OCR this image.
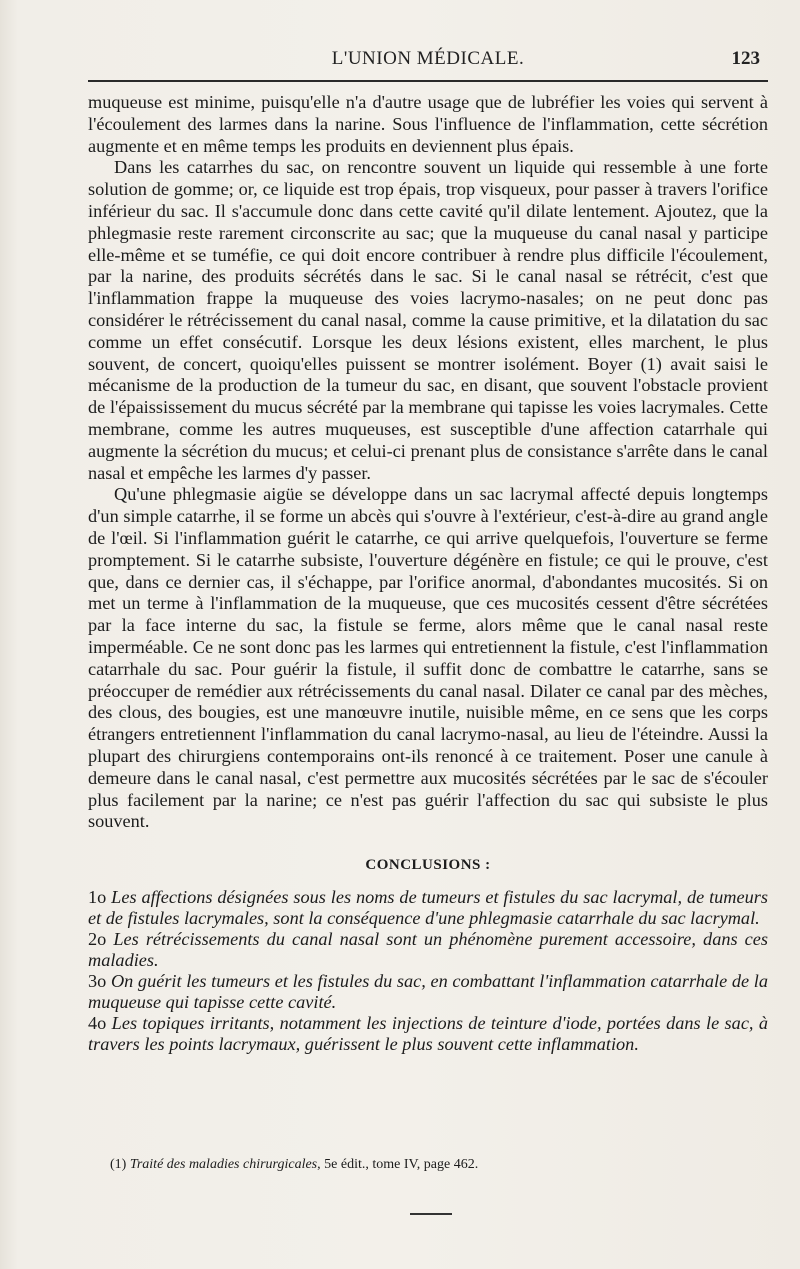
L'UNION MÉDICALE.	123

muqueuse est minime, puisqu'elle n'a d'autre usage que de lubréfier les voies qui servent à l'écoulement des larmes dans la narine. Sous l'influence de l'inflammation, cette sécrétion augmente et en même temps les produits en deviennent plus épais.

Dans les catarrhes du sac, on rencontre souvent un liquide qui ressemble à une forte solution de gomme; or, ce liquide est trop épais, trop visqueux, pour passer à travers l'orifice inférieur du sac. Il s'accumule donc dans cette cavité qu'il dilate lentement. Ajoutez, que la phlegmasie reste rarement circonscrite au sac; que la muqueuse du canal nasal y participe elle-même et se tuméfie, ce qui doit encore contribuer à rendre plus difficile l'écoulement, par la narine, des produits sécrétés dans le sac. Si le canal nasal se rétrécit, c'est que l'inflammation frappe la muqueuse des voies lacrymo-nasales; on ne peut donc pas considérer le rétrécissement du canal nasal, comme la cause primitive, et la dilatation du sac comme un effet consécutif. Lorsque les deux lésions existent, elles marchent, le plus souvent, de concert, quoiqu'elles puissent se montrer isolément. Boyer (1) avait saisi le mécanisme de la production de la tumeur du sac, en disant, que souvent l'obstacle provient de l'épaississement du mucus sécrété par la membrane qui tapisse les voies lacrymales. Cette membrane, comme les autres muqueuses, est susceptible d'une affection catarrhale qui augmente la sécrétion du mucus; et celui-ci prenant plus de consistance s'arrête dans le canal nasal et empêche les larmes d'y passer.

Qu'une phlegmasie aigüe se développe dans un sac lacrymal affecté depuis longtemps d'un simple catarrhe, il se forme un abcès qui s'ouvre à l'extérieur, c'est-à-dire au grand angle de l'œil. Si l'inflammation guérit le catarrhe, ce qui arrive quelquefois, l'ouverture se ferme promptement. Si le catarrhe subsiste, l'ouverture dégénère en fistule; ce qui le prouve, c'est que, dans ce dernier cas, il s'échappe, par l'orifice anormal, d'abondantes mucosités. Si on met un terme à l'inflammation de la muqueuse, que ces mucosités cessent d'être sécrétées par la face interne du sac, la fistule se ferme, alors même que le canal nasal reste imperméable. Ce ne sont donc pas les larmes qui entretiennent la fistule, c'est l'inflammation catarrhale du sac. Pour guérir la fistule, il suffit donc de combattre le catarrhe, sans se préoccuper de remédier aux rétrécissements du canal nasal. Dilater ce canal par des mèches, des clous, des bougies, est une manœuvre inutile, nuisible même, en ce sens que les corps étrangers entretiennent l'inflammation du canal lacrymo-nasal, au lieu de l'éteindre. Aussi la plupart des chirurgiens contemporains ont-ils renoncé à ce traitement. Poser une canule à demeure dans le canal nasal, c'est permettre aux mucosités sécrétées par le sac de s'écouler plus facilement par la narine; ce n'est pas guérir l'affection du sac qui subsiste le plus souvent.

CONCLUSIONS :

1o Les affections désignées sous les noms de tumeurs et fistules du sac lacrymal, de tumeurs et de fistules lacrymales, sont la conséquence d'une phlegmasie catarrhale du sac lacrymal.

2o Les rétrécissements du canal nasal sont un phénomène purement accessoire, dans ces maladies.

3o On guérit les tumeurs et les fistules du sac, en combattant l'inflammation catarrhale de la muqueuse qui tapisse cette cavité.

4o Les topiques irritants, notamment les injections de teinture d'iode, portées dans le sac, à travers les points lacrymaux, guérissent le plus souvent cette inflammation.

(1) Traité des maladies chirurgicales, 5e édit., tome IV, page 462.
